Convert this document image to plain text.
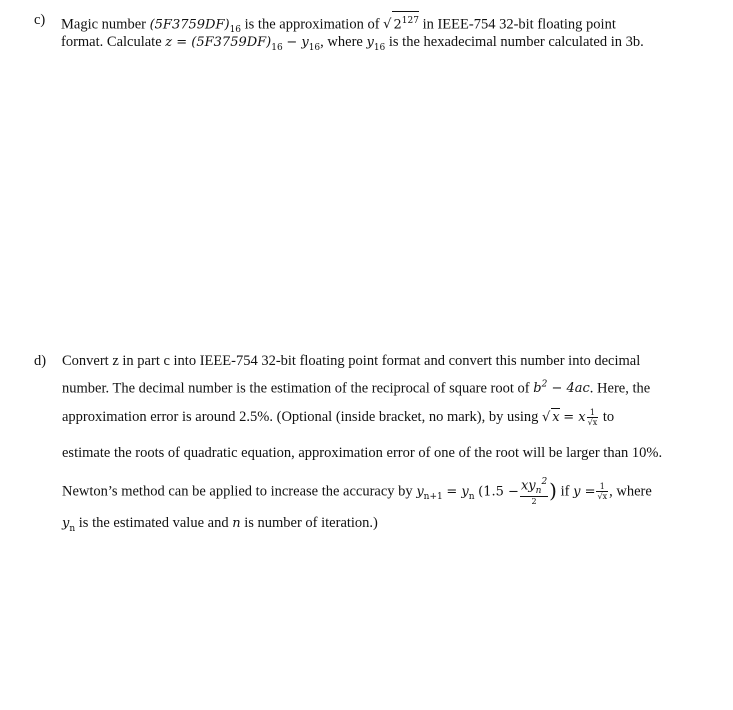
c) Magic number $(5F3759DF)_{16}$ is the approximation of √ $2^{127}$ in IEEE-754 32-bit floating point
format. Calculate $z = (5F3759DF)_{16} - y_{16}$, where $y_{16}$ is the hexadecimal number calculated in 3b.
d) Convert z in part c into IEEE-754 32-bit floating point format and convert this number into decimal
number. The decimal number is the estimation of the reciprocal of square root of $b^2 - 4ac$. Here, the
approximation error is around 2.5%. (Optional (inside bracket, no mark), by using √ x = x $\frac{1}{√x}$ to
estimate the roots of quadratic equation, approximation error of one of the root will be larger than 10%.
Newton’s method can be applied to increase the accuracy by $y_{n+1} = y_n$ ($1.5 - \frac{xy_n^2}{2}$ ) if $y = \frac{1}{√x}$ , where
$y_n$ is the estimated value and n is number of iteration.)
